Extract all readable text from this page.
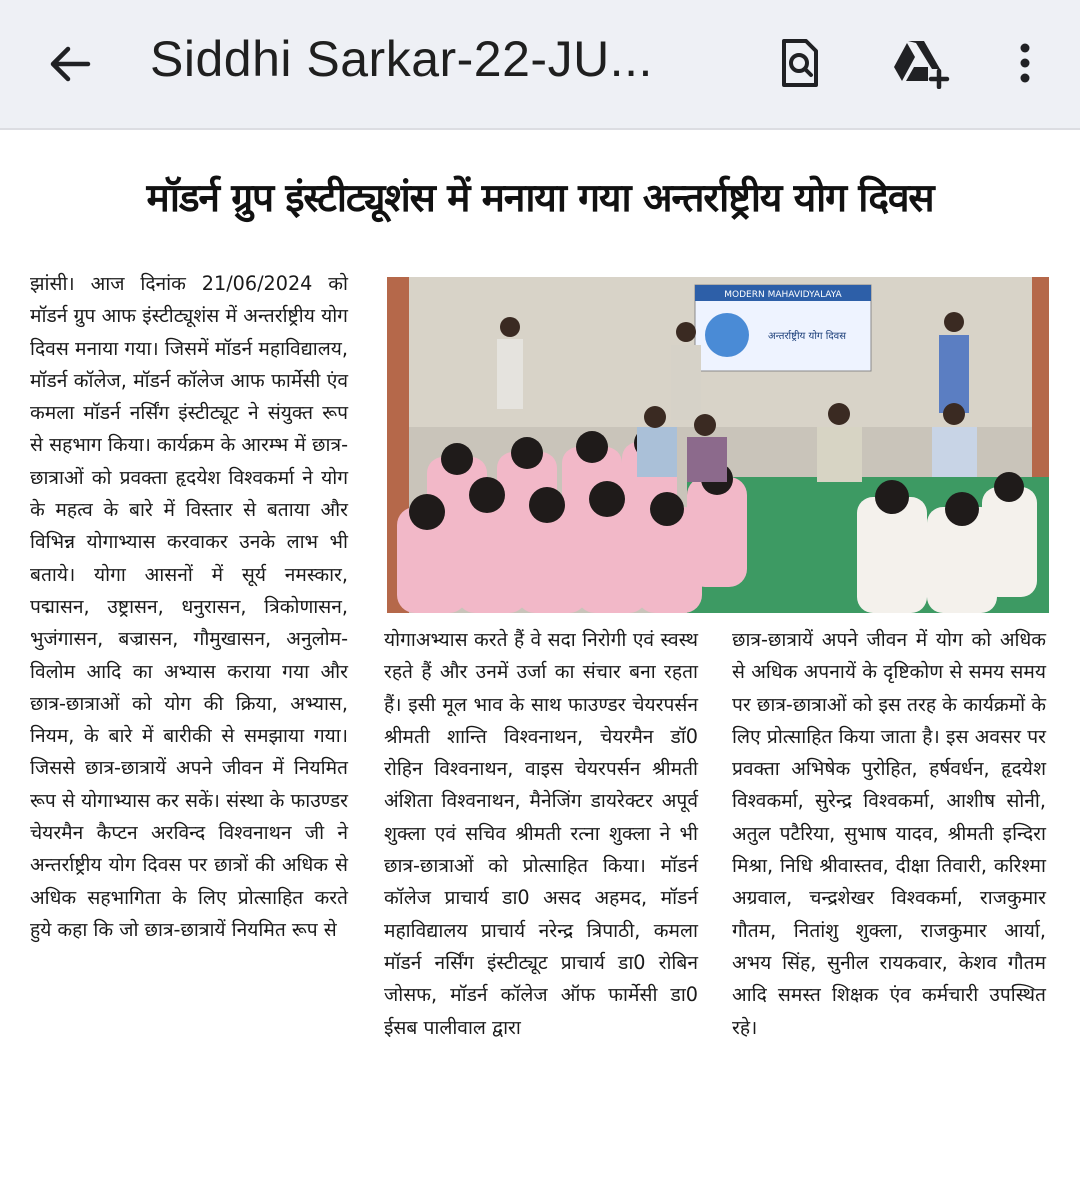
Siddhi Sarkar-22-JU...
मॉडर्न ग्रुप इंस्टीट्यूशंस में मनाया गया अन्तर्राष्ट्रीय योग दिवस
झांसी। आज दिनांक 21/06/2024 को मॉडर्न ग्रुप आफ इंस्टीट्यूशंस में अन्तर्राष्ट्रीय योग दिवस मनाया गया। जिसमें मॉडर्न महाविद्यालय, मॉडर्न कॉलेज, मॉडर्न कॉलेज आफ फार्मेसी एंव कमला मॉडर्न नर्सिंग इंस्टीट्यूट ने संयुक्त रूप से सहभाग किया। कार्यक्रम के आरम्भ में छात्र-छात्राओं को प्रवक्ता हृदयेश विश्वकर्मा ने योग के महत्व के बारे में विस्तार से बताया और विभिन्न योगाभ्यास करवाकर उनके लाभ भी बताये। योगा आसनों में सूर्य नमस्कार, पद्मासन, उष्ट्रासन, धनुरासन, त्रिकोणासन, भुजंगासन, बज्रासन, गौमुखासन, अनुलोम-विलोम आदि का अभ्यास कराया गया और छात्र-छात्राओं को योग की क्रिया, अभ्यास, नियम, के बारे में बारीकी से समझाया गया। जिससे छात्र-छात्रायें अपने जीवन में नियमित रूप से योगाभ्यास कर सकें। संस्था के फाउण्डर चेयरमैन कैप्टन अरविन्द विश्वनाथन जी ने अन्तर्राष्ट्रीय योग दिवस पर छात्रों की अधिक से अधिक सहभागिता के लिए प्रोत्साहित करते हुये कहा कि जो छात्र-छात्रायें नियमित रूप से
MODERN MAHAVIDYALAYA
अन्तर्राष्ट्रीय योग दिवस
योगाअभ्यास करते हैं वे सदा निरोगी एवं स्वस्थ रहते हैं और उनमें उर्जा का संचार बना रहता हैं। इसी मूल भाव के साथ फाउण्डर चेयरपर्सन श्रीमती शान्ति विश्वनाथन, चेयरमैन डॉ0 रोहिन विश्वनाथन, वाइस चेयरपर्सन श्रीमती अंशिता विश्वनाथन, मैनेजिंग डायरेक्टर अपूर्व शुक्ला एवं सचिव श्रीमती रत्ना शुक्ला ने भी छात्र-छात्राओं को प्रोत्साहित किया। मॉडर्न कॉलेज प्राचार्य डा0 असद अहमद, मॉडर्न महाविद्यालय प्राचार्य नरेन्द्र त्रिपाठी, कमला मॉडर्न नर्सिंग इंस्टीट्यूट प्राचार्य डा0 रोबिन जोसफ, मॉडर्न कॉलेज ऑफ फार्मेसी डा0 ईसब पालीवाल द्वारा
छात्र-छात्रायें अपने जीवन में योग को अधिक से अधिक अपनायें के दृष्टिकोण से समय समय पर छात्र-छात्राओं को इस तरह के कार्यक्रमों के लिए प्रोत्साहित किया जाता है। इस अवसर पर प्रवक्ता अभिषेक पुरोहित, हर्षवर्धन, हृदयेश विश्वकर्मा, सुरेन्द्र विश्वकर्मा, आशीष सोनी, अतुल पटैरिया, सुभाष यादव, श्रीमती इन्दिरा मिश्रा, निधि श्रीवास्तव, दीक्षा तिवारी, करिश्मा अग्रवाल, चन्द्रशेखर विश्वकर्मा, राजकुमार गौतम, नितांशु शुक्ला, राजकुमार आर्या, अभय सिंह, सुनील रायकवार, केशव गौतम आदि समस्त शिक्षक एंव कर्मचारी उपस्थित रहे।
